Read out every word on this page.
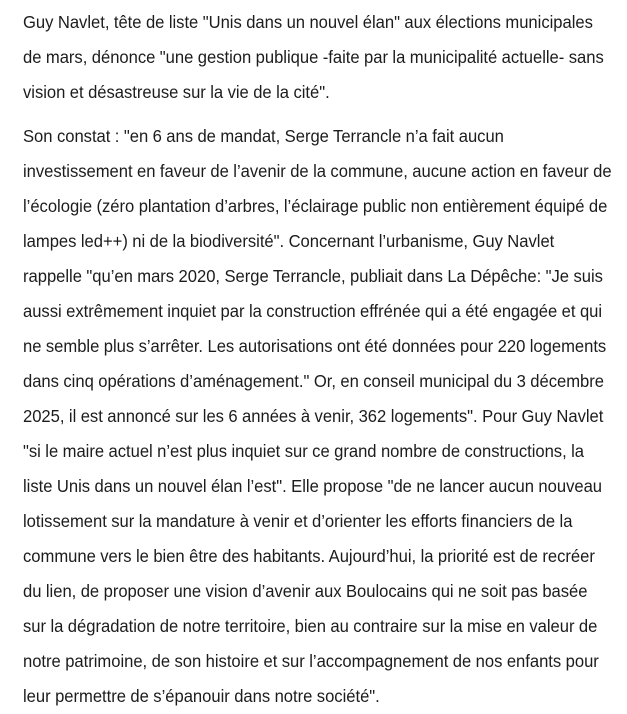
Guy Navlet, tête de liste "Unis dans un nouvel élan" aux élections municipales de mars, dénonce "une gestion publique -faite par la municipalité actuelle- sans vision et désastreuse sur la vie de la cité".

Son constat : "en 6 ans de mandat, Serge Terrancle n’a fait aucun investissement en faveur de l’avenir de la commune, aucune action en faveur de l’écologie (zéro plantation d’arbres, l’éclairage public non entièrement équipé de lampes led++) ni de la biodiversité". Concernant l’urbanisme, Guy Navlet rappelle "qu’en mars 2020, Serge Terrancle, publiait dans La Dépêche: "Je suis aussi extrêmement inquiet par la construction effrénée qui a été engagée et qui ne semble plus s’arrêter. Les autorisations ont été données pour 220 logements dans cinq opérations d’aménagement." Or, en conseil municipal du 3 décembre 2025, il est annoncé sur les 6 années à venir, 362 logements". Pour Guy Navlet "si le maire actuel n’est plus inquiet sur ce grand nombre de constructions, la liste Unis dans un nouvel élan l’est". Elle propose "de ne lancer aucun nouveau lotissement sur la mandature à venir et d’orienter les efforts financiers de la commune vers le bien être des habitants. Aujourd’hui, la priorité est de recréer du lien, de proposer une vision d’avenir aux Boulocains qui ne soit pas basée sur la dégradation de notre territoire, bien au contraire sur la mise en valeur de notre patrimoine, de son histoire et sur l’accompagnement de nos enfants pour leur permettre de s’épanouir dans notre société".
